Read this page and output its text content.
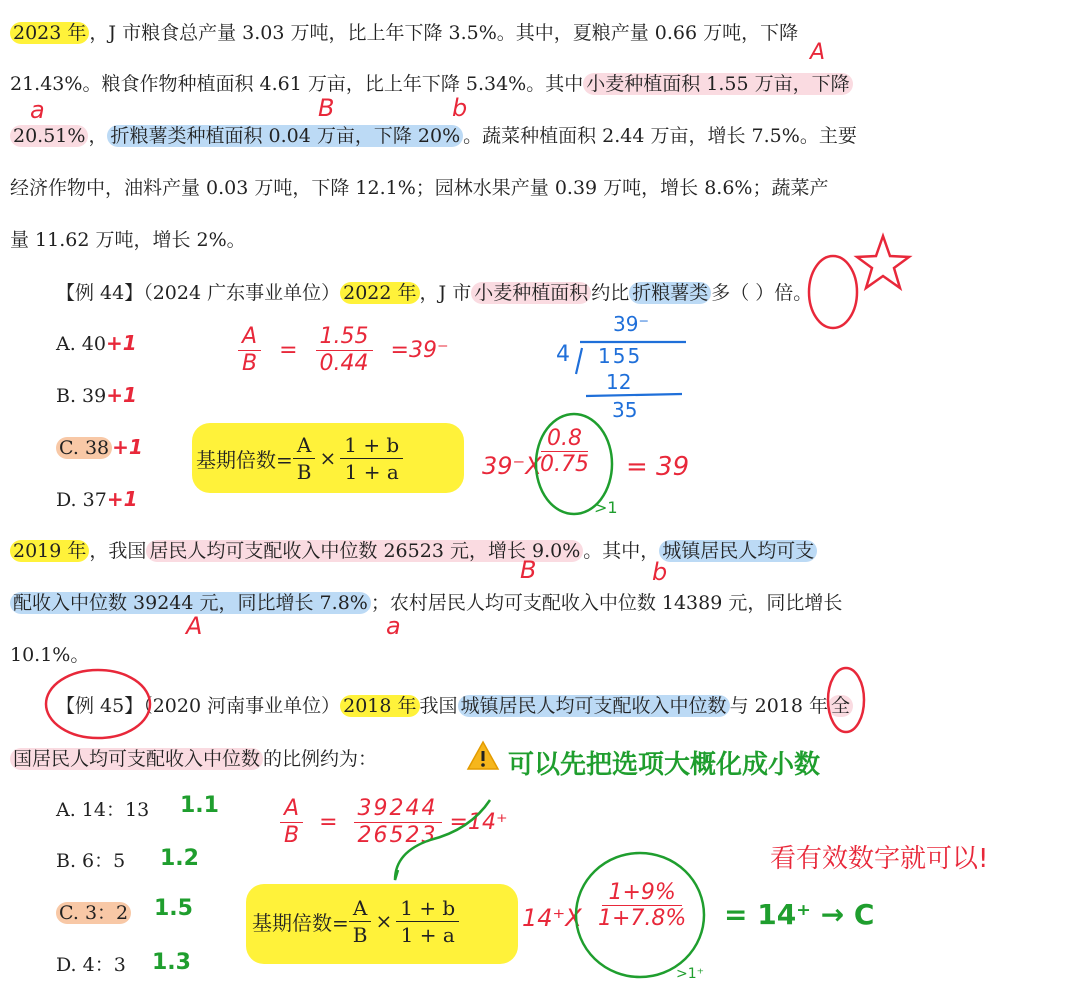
2023 年 ，J 市粮食总产量 3.03 万吨，比上年下降 3.5%。其中，夏粮产量 0.66 万吨，下降
21.43%。粮食作物种植面积 4.61 万亩，比上年下降 5.34%。其中 小麦种植面积 1.55 万亩，下降
20.51% ， 折粮薯类种植面积 0.04 万亩，下降 20% 。蔬菜种植面积 2.44 万亩，增长 7.5%。主要
经济作物中，油料产量 0.03 万吨，下降 12.1%；园林水果产量 0.39 万吨，增长 8.6%；蔬菜产
量 11.62 万吨，增长 2%。
【例 44】（2024 广东事业单位） 2022 年 ，J 市 小麦种植面积 约比 折粮薯类 多（ ）倍。
A. 40+1
B. 39+1
C. 38 +1
D. 37+1
基期倍数= $\frac{A}{B} \times \frac{1 + b}{1 + a}$
2019 年 ，我国 居民人均可支配收入中位数 26523 元，增长 9.0% 。其中， 城镇居民人均可支
配收入中位数 39244 元，同比增长 7.8% ；农村居民人均可支配收入中位数 14389 元，同比增长
10.1%。
【例 45】（2020 河南事业单位） 2018 年 我国 城镇居民人均可支配收入中位数 与 2018 年 全
国居民人均可支配收入中位数 的比例约为：
A. 14：13 1.1
B. 6：5 1.2
C. 3：2 1.5
D. 4：3 1.3
基期倍数= $\frac{A}{B} \times \frac{1 + b}{1 + a}$
A
a	B	b
$\frac{A}{B} = \frac{1.55}{0.44} =39^-$
39⁻
4 155
12
35
39⁻X
0.8
0.75 = 39
>1
B	b
A	a
可以先把选项大概化成小数
$\frac{A}{B} = \frac{39244}{26523} =14^+$
看有效数字就可以!
14⁺X
1+9%
1+7.8% = 14⁺ → C
>1⁺
